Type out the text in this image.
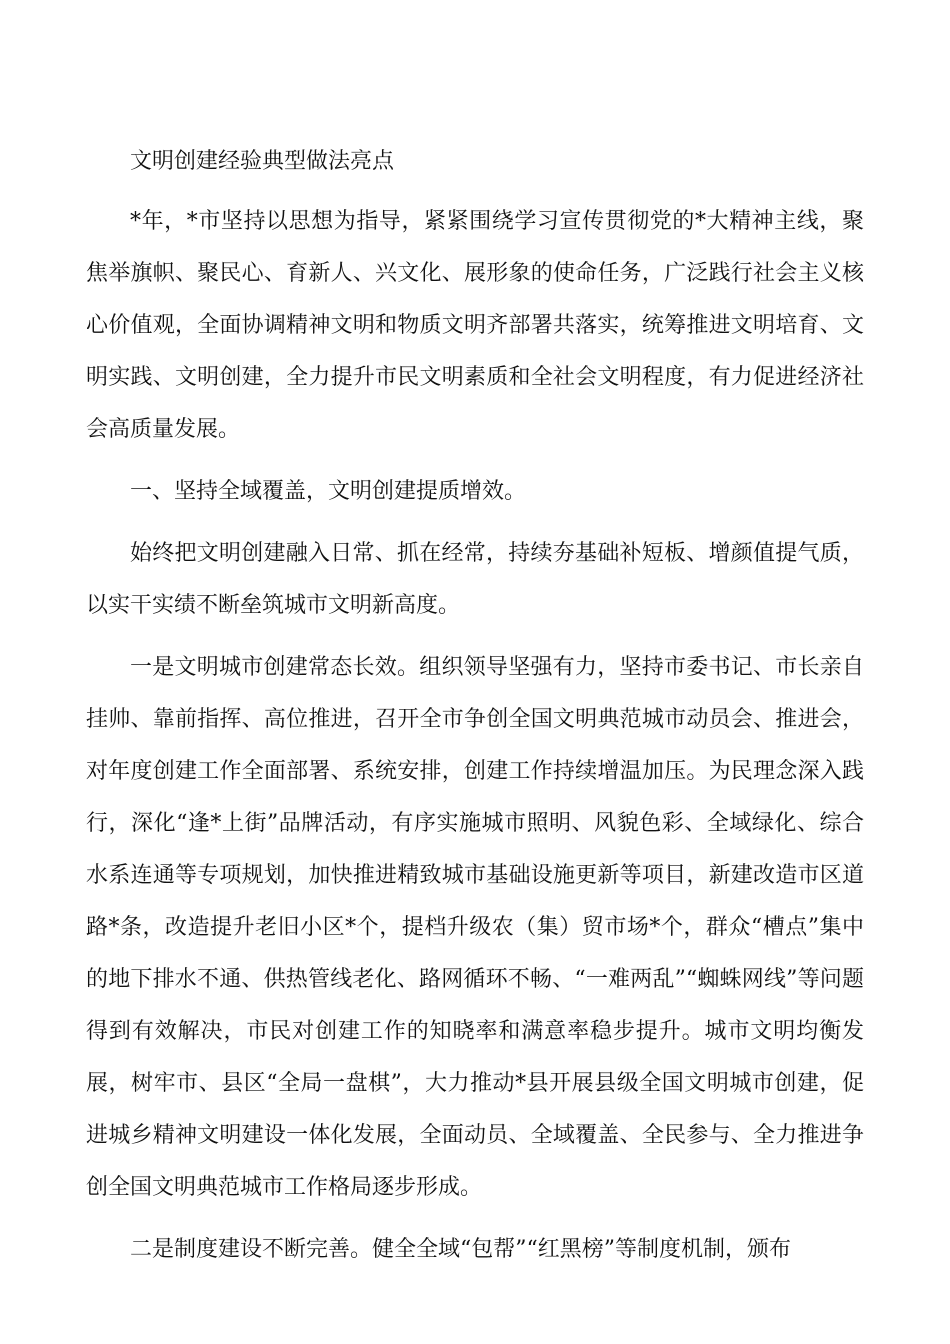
文明创建经验典型做法亮点

*年，*市坚持以思想为指导，紧紧围绕学习宣传贯彻党的*大精神主线，聚焦举旗帜、聚民心、育新人、兴文化、展形象的使命任务，广泛践行社会主义核心价值观，全面协调精神文明和物质文明齐部署共落实，统筹推进文明培育、文明实践、文明创建，全力提升市民文明素质和全社会文明程度，有力促进经济社会高质量发展。

一、坚持全域覆盖，文明创建提质增效。

始终把文明创建融入日常、抓在经常，持续夯基础补短板、增颜值提气质，以实干实绩不断垒筑城市文明新高度。

一是文明城市创建常态长效。组织领导坚强有力，坚持市委书记、市长亲自挂帅、靠前指挥、高位推进，召开全市争创全国文明典范城市动员会、推进会，对年度创建工作全面部署、系统安排，创建工作持续增温加压。为民理念深入践行，深化“逢*上街”品牌活动，有序实施城市照明、风貌色彩、全域绿化、综合水系连通等专项规划，加快推进精致城市基础设施更新等项目，新建改造市区道路*条，改造提升老旧小区*个，提档升级农（集）贸市场*个，群众“槽点”集中的地下排水不通、供热管线老化、路网循环不畅、“一难两乱”“蜘蛛网线”等问题得到有效解决，市民对创建工作的知晓率和满意率稳步提升。城市文明均衡发展，树牢市、县区“全局一盘棋”，大力推动*县开展县级全国文明城市创建，促进城乡精神文明建设一体化发展，全面动员、全域覆盖、全民参与、全力推进争创全国文明典范城市工作格局逐步形成。

二是制度建设不断完善。健全全域“包帮”“红黑榜”等制度机制，颁布
